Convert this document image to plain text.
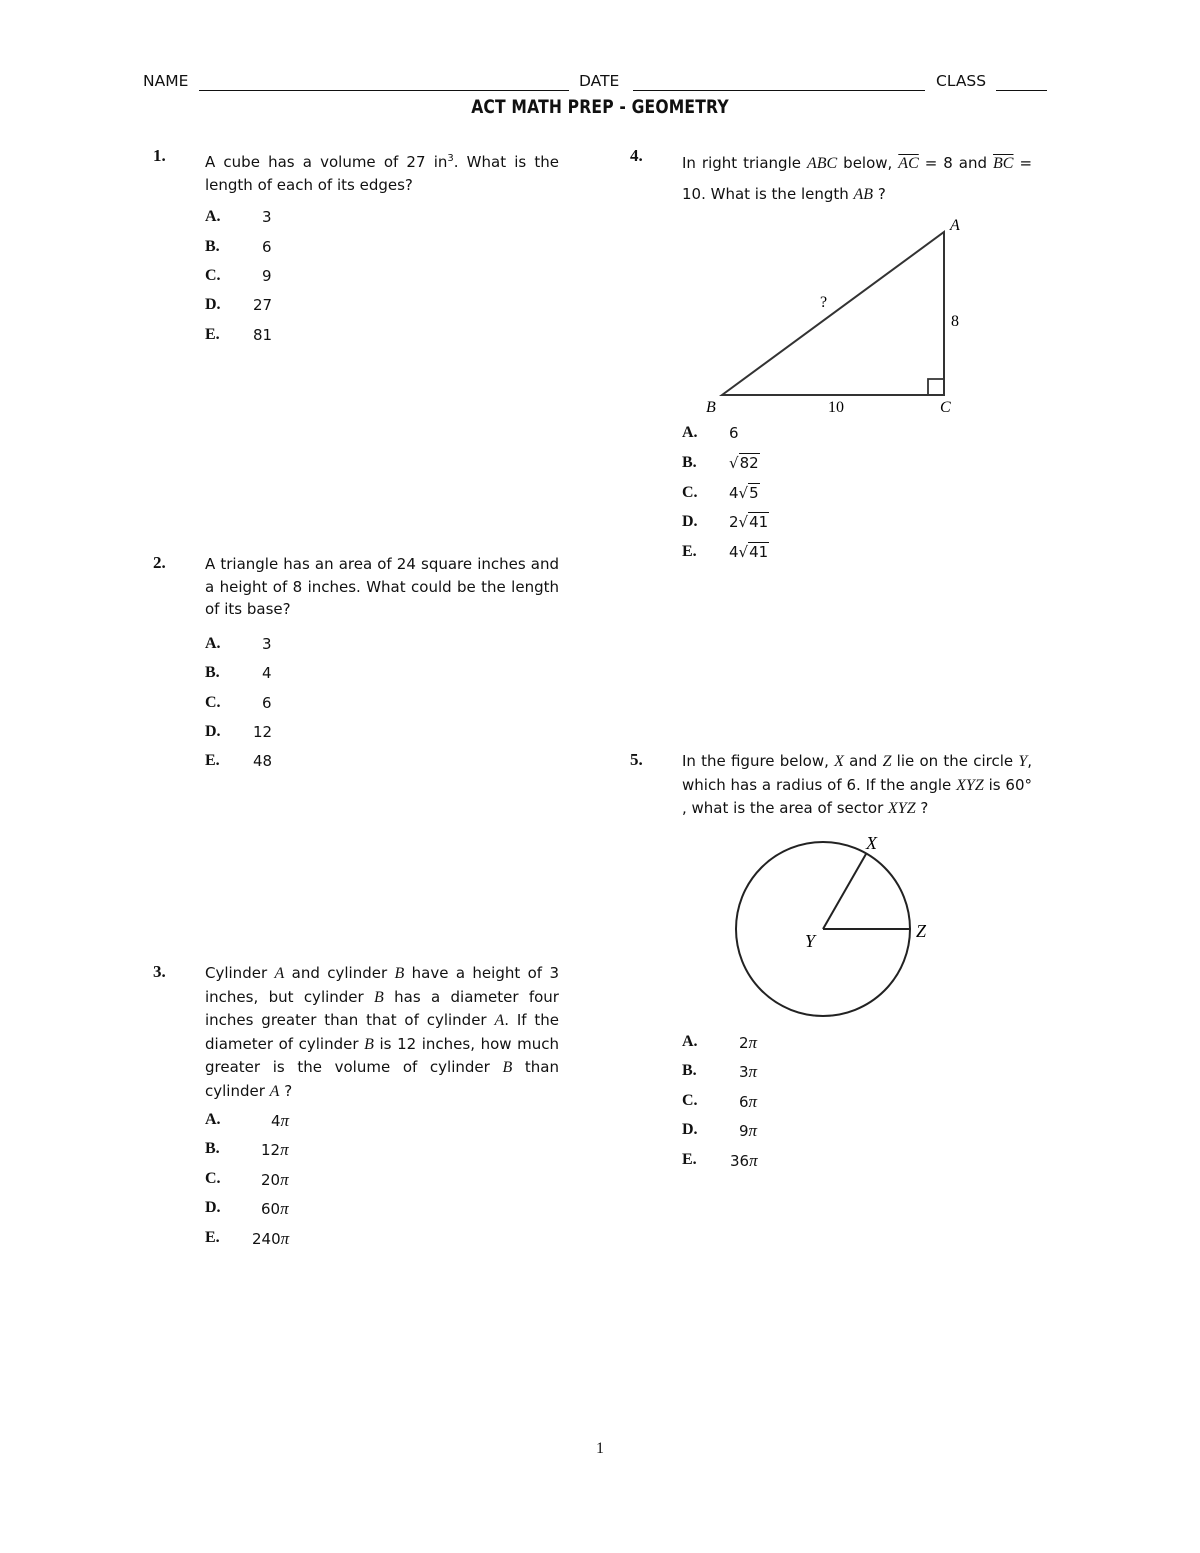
NAME	DATE	CLASS
ACT MATH PREP - GEOMETRY
1.	A cube has a volume of 27 $in^3$. What is the length of each of its edges?
A.	3
B.	6
C.	9
D. 27
E. 81
2.	A triangle has an area of 24 square inches and a height of 8 inches. What could be the length of its base?
A.	3
B.	4
C.	6
D. 12
E. 48
3.	Cylinder A and cylinder B have a height of 3 inches, but cylinder B has a diameter four inches greater than that of cylinder A. If the diameter of cylinder B is 12 inches, how much greater is the volume of cylinder B than cylinder A ?
A.	4π
B.	12π
C.	20π
D.	60π
E. 240π
4.	In right triangle ABC below, $\overline{AC} = 8$ and $\overline{BC} = 10$. What is the length AB ?
A
B	C
?
8
10
A. 6
B. √82
C. 4√5
D. 2√41
E. 4√41
5.	In the figure below, X and Z lie on the circle Y, which has a radius of 6. If the angle XYZ is 60° , what is the area of sector XYZ ?
X
Y	Z
A.	2π
B.	3π
C.	6π
D.	9π
E. 36π
1
